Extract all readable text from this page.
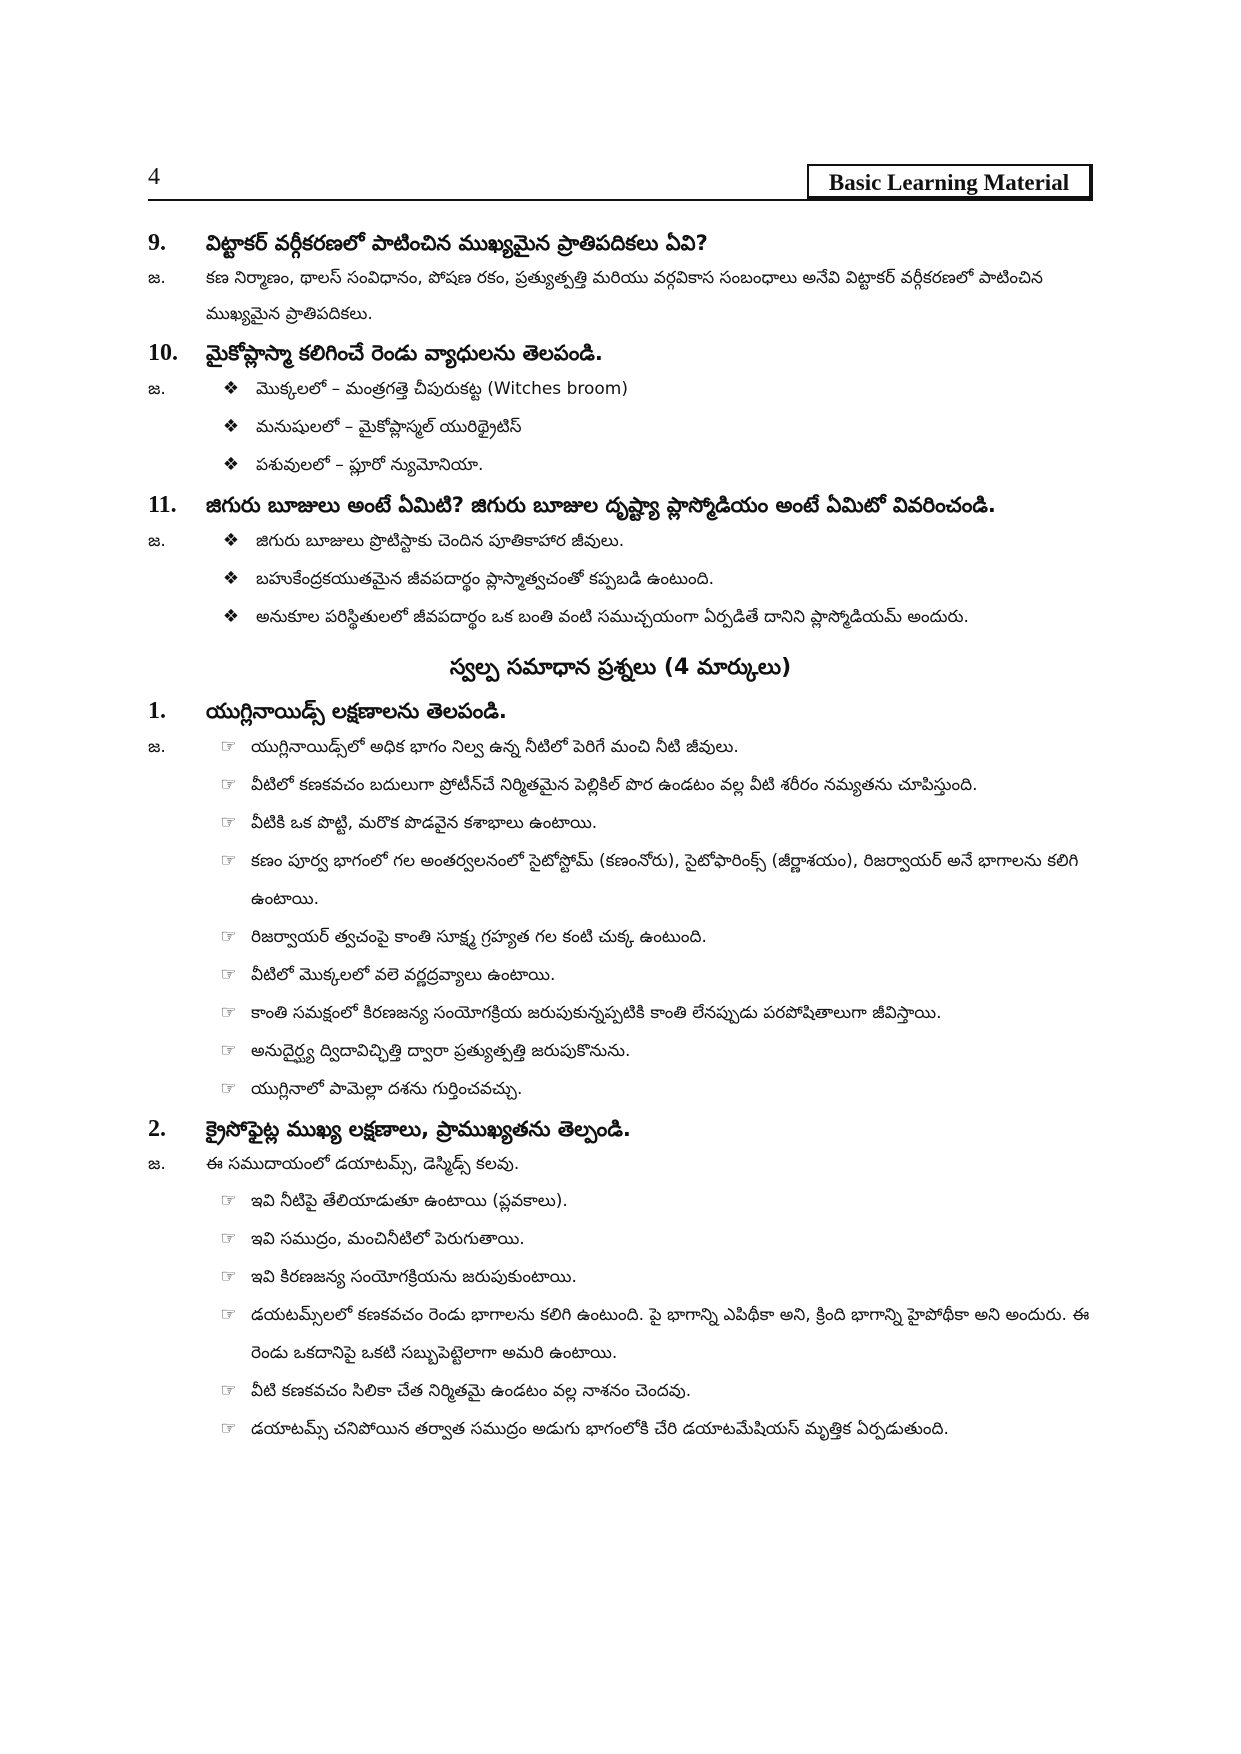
4	Basic Learning Material
9.	విట్టాకర్ వర్గీకరణలో పాటించిన ముఖ్యమైన ప్రాతిపదికలు ఏవి?
జ.	కణ నిర్మాణం, థాలస్ సంవిధానం, పోషణ రకం, ప్రత్యుత్పత్తి మరియు వర్గవికాస సంబంధాలు అనేవి విట్టాకర్ వర్గీకరణలో పాటించిన ముఖ్యమైన ప్రాతిపదికలు.
10.	మైకోప్లాస్మా కలిగించే రెండు వ్యాధులను తెలపండి.
జ.	❖ మొక్కలలో – మంత్రగత్తె చీపురుకట్ట (Witches broom)
❖ మనుషులలో – మైకోప్లాస్మల్ యురిథ్రైటిస్
❖ పశువులలో – ప్లూరో న్యుమోనియా.
11.	జిగురు బూజులు అంటే ఏమిటి? జిగురు బూజుల దృష్ట్యా ప్లాస్మోడియం అంటే ఏమిటో వివరించండి.
జ.	❖ జిగురు బూజులు ప్రొటిస్టాకు చెందిన పూతికాహార జీవులు.
❖ బహుకేంద్రకయుతమైన జీవపదార్థం ప్లాస్మాత్వచంతో కప్పబడి ఉంటుంది.
❖ అనుకూల పరిస్థితులలో జీవపదార్థం ఒక బంతి వంటి సముచ్చయంగా ఏర్పడితే దానిని ప్లాస్మోడియమ్ అందురు.
స్వల్ప సమాధాన ప్రశ్నలు (4 మార్కులు)
1.	యుగ్లినాయిడ్స్ లక్షణాలను తెలపండి.
జ.	☞ యుగ్లినాయిడ్స్‌లో అధిక భాగం నిల్వ ఉన్న నీటిలో పెరిగే మంచి నీటి జీవులు.
☞ వీటిలో కణకవచం బదులుగా ప్రోటీన్‌చే నిర్మితమైన పెల్లికిల్ పొర ఉండటం వల్ల వీటి శరీరం నమ్యతను చూపిస్తుంది.
☞ వీటికి ఒక పొట్టి, మరొక పొడవైన కశాభాలు ఉంటాయి.
☞ కణం పూర్వ భాగంలో గల అంతర్వలనంలో సైటోస్టోమ్ (కణంనోరు), సైటోఫారింక్స్ (జీర్ణాశయం), రిజర్వాయర్ అనే భాగాలను కలిగి ఉంటాయి.
☞ రిజర్వాయర్ త్వచంపై కాంతి సూక్ష్మ గ్రహ్యత గల కంటి చుక్క ఉంటుంది.
☞ వీటిలో మొక్కలలో వలె వర్ణద్రవ్యాలు ఉంటాయి.
☞ కాంతి సమక్షంలో కిరణజన్య సంయోగక్రియ జరుపుకున్నప్పటికి కాంతి లేనప్పుడు పరపోషితాలుగా జీవిస్తాయి.
☞ అనుదైర్ఘ్య ద్విదావిచ్ఛిత్తి ద్వారా ప్రత్యుత్పత్తి జరుపుకొనును.
☞ యుగ్లినాలో పామెల్లా దశను గుర్తించవచ్చు.
2.	క్రైసోఫైట్ల ముఖ్య లక్షణాలు, ప్రాముఖ్యతను తెల్పండి.
జ.	ఈ సముదాయంలో డయాటమ్స్, డెస్మిడ్స్ కలవు.
☞ ఇవి నీటిపై తేలియాడుతూ ఉంటాయి (ప్లవకాలు).
☞ ఇవి సముద్రం, మంచినీటిలో పెరుగుతాయి.
☞ ఇవి కిరణజన్య సంయోగక్రియను జరుపుకుంటాయి.
☞ డయటమ్స్‌లలో కణకవచం రెండు భాగాలను కలిగి ఉంటుంది. పై భాగాన్ని ఎపిథీకా అని, క్రింది భాగాన్ని హైపోథీకా అని అందురు. ఈ రెండు ఒకదానిపై ఒకటి సబ్బుపెట్టెలాగా అమరి ఉంటాయి.
☞ వీటి కణకవచం సిలికా చేత నిర్మితమై ఉండటం వల్ల నాశనం చెందవు.
☞ డయాటమ్స్ చనిపోయిన తర్వాత సముద్రం అడుగు భాగంలోకి చేరి డయాటమేషియస్ మృత్తిక ఏర్పడుతుంది.
